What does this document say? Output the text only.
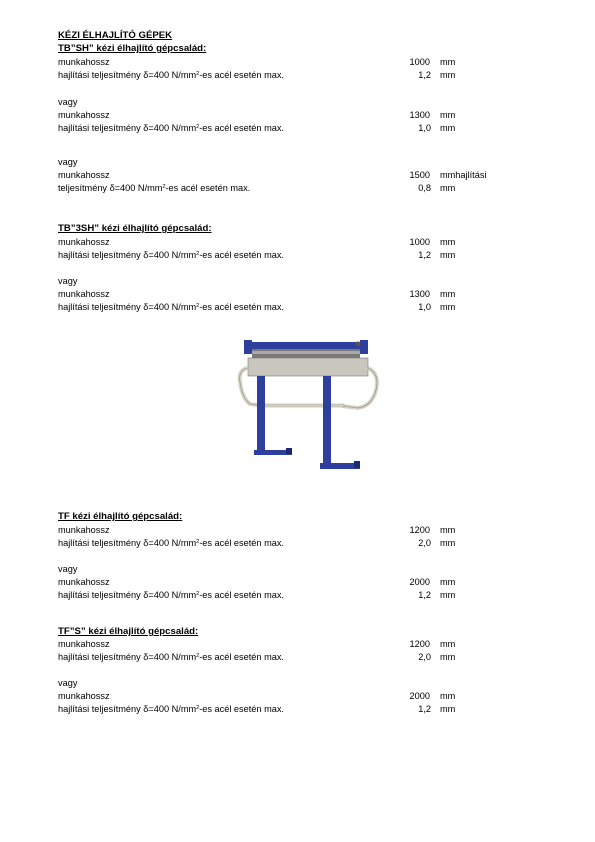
KÉZI ÉLHAJLÍTÓ GÉPEK
TB”SH” kézi élhajlító gépcsalád:
munkahossz	1000 mm
hajlítási teljesítmény δ=400 $N/mm^2-es$ acél esetén max.	1,2 mm
vagy
munkahossz	1300 mm
hajlítási teljesítmény δ=400 $N/mm^2-es$ acél esetén max.	1,0 mm
vagy
munkahossz	1500 mmhajlítási
teljesítmény δ=400 $N/mm^2-es$ acél esetén max.	0,8 mm
TB”3SH” kézi élhajlító gépcsalád:
munkahossz	1000 mm
hajlítási teljesítmény δ=400 $N/mm^2-es$ acél esetén max.	1,2 mm
vagy
munkahossz	1300 mm
hajlítási teljesítmény δ=400 $N/mm^2-es$ acél esetén max.	1,0 mm
TF kézi élhajlító gépcsalád:
munkahossz	1200 mm
hajlítási teljesítmény δ=400 $N/mm^2-es$ acél esetén max.	2,0 mm
vagy
munkahossz	2000 mm
hajlítási teljesítmény δ=400 $N/mm^2-es$ acél esetén max.	1,2 mm
TF”S” kézi élhajlító gépcsalád:
munkahossz	1200 mm
hajlítási teljesítmény δ=400 $N/mm^2-es$ acél esetén max.	2,0 mm
vagy
munkahossz	2000 mm
hajlítási teljesítmény δ=400 $N/mm^2-es$ acél esetén max.	1,2 mm
